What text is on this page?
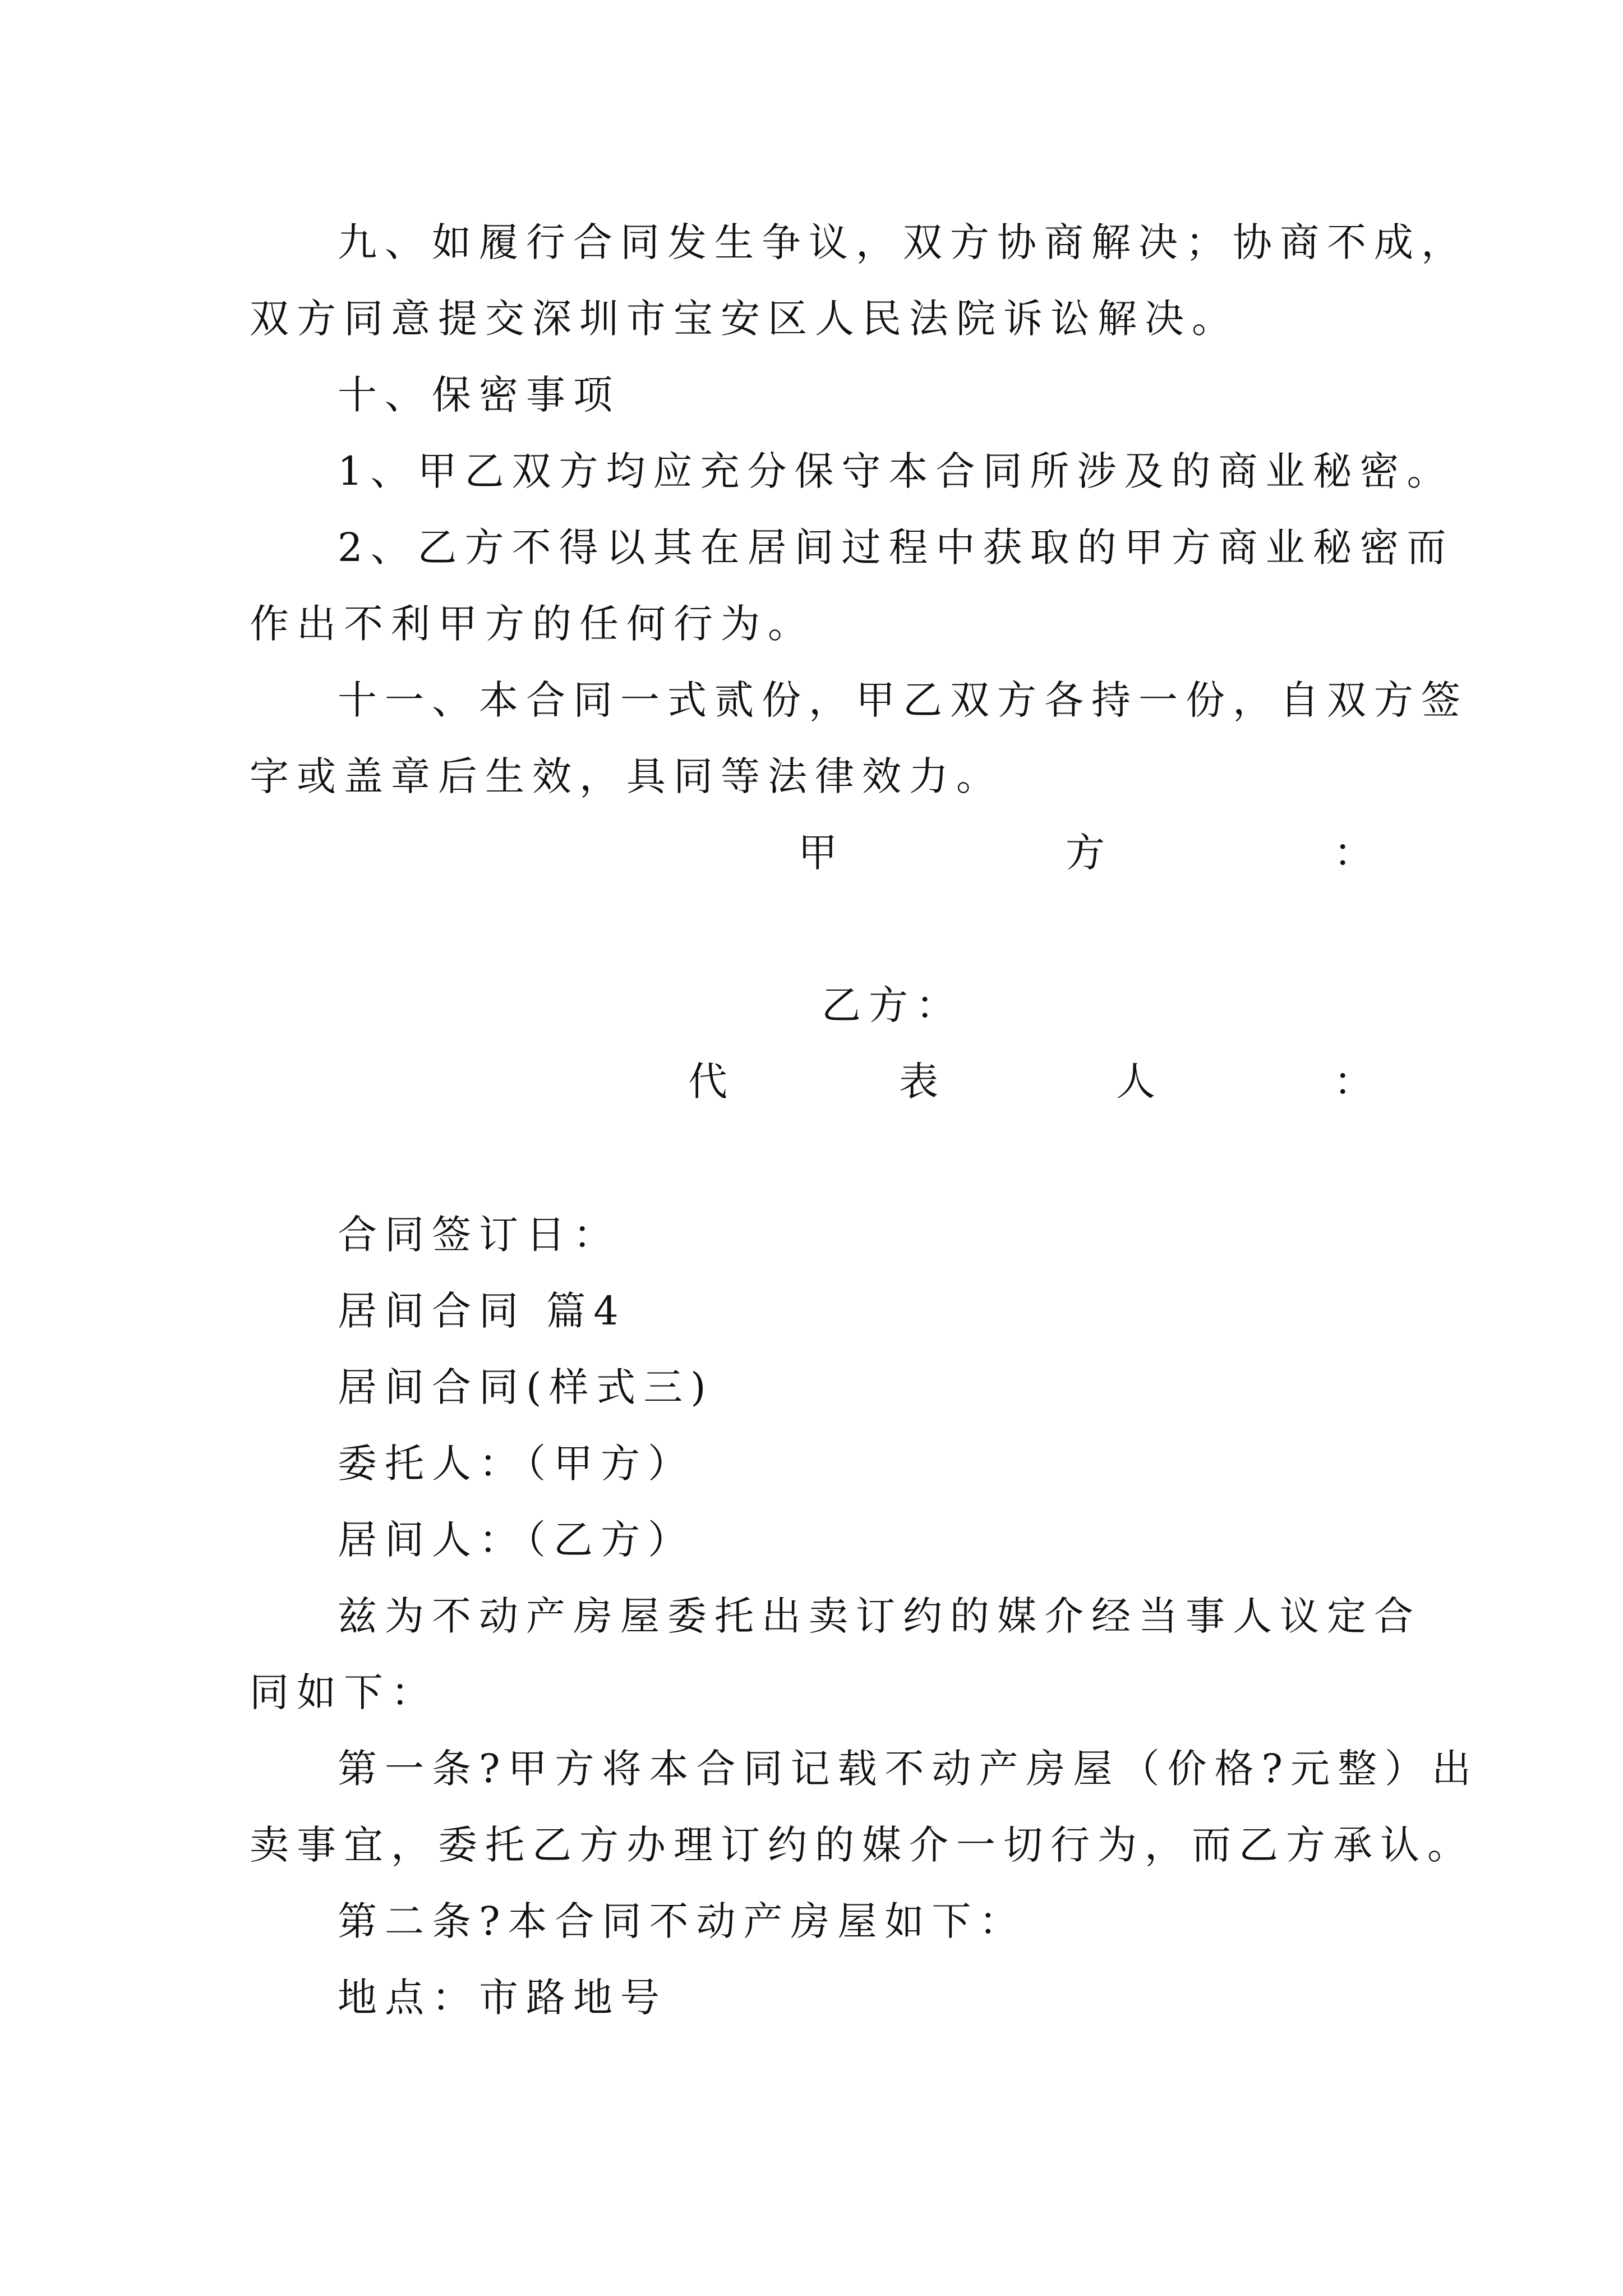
九、如履行合同发生争议，双方协商解决；协商不成，
双方同意提交深圳市宝安区人民法院诉讼解决。
十、保密事项
1、甲乙双方均应充分保守本合同所涉及的商业秘密。
2、乙方不得以其在居间过程中获取的甲方商业秘密而
作出不利甲方的任何行为。
十一、本合同一式贰份，甲乙双方各持一份，自双方签
字或盖章后生效，具同等法律效力。
甲	方	：
乙方：
代	表	人	：
合同签订日：
居间合同 篇4
居间合同(样式三)
委托人：（甲方）
居间人：（乙方）
兹为不动产房屋委托出卖订约的媒介经当事人议定合
同如下：
第一条?甲方将本合同记载不动产房屋（价格?元整）出
卖事宜，委托乙方办理订约的媒介一切行为，而乙方承认。
第二条?本合同不动产房屋如下：
地点：市路地号
